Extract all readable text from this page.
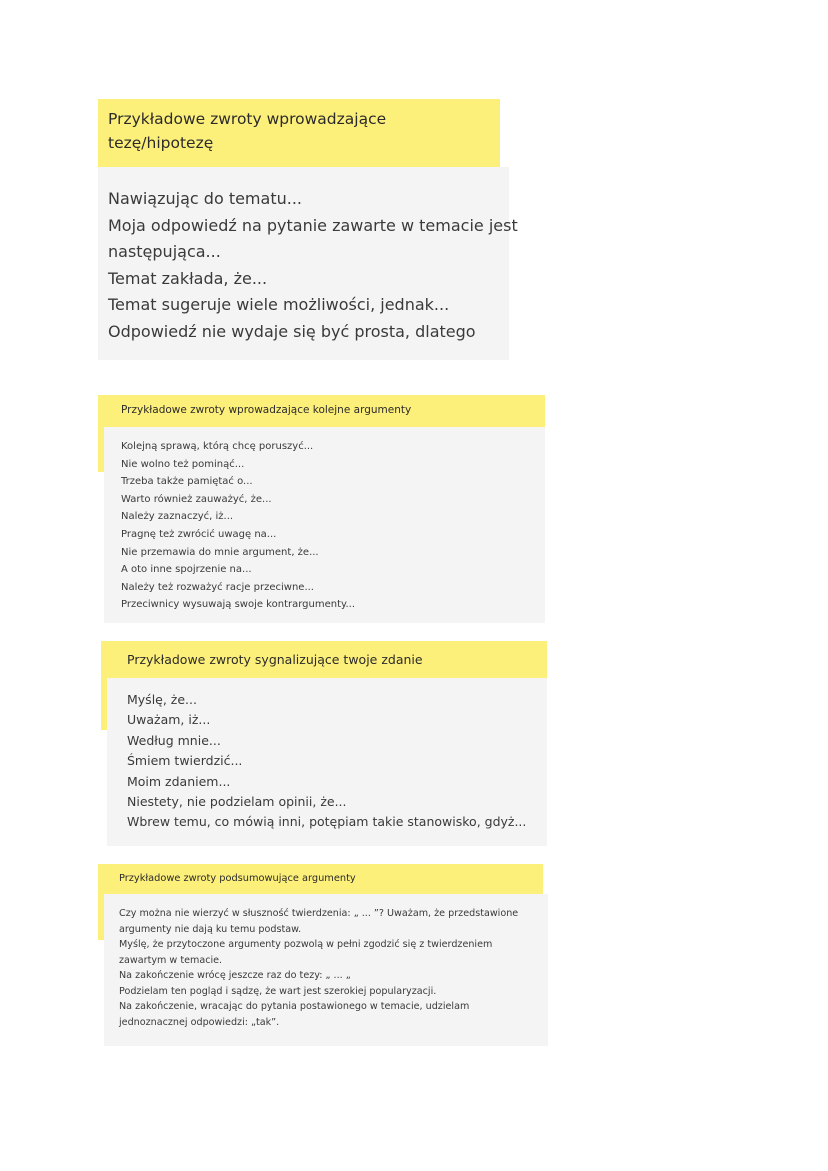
Przykładowe zwroty wprowadzające
tezę/hipotezę
Nawiązując do tematu...
Moja odpowiedź na pytanie zawarte w temacie jest
następująca...
Temat zakłada, że...
Temat sugeruje wiele możliwości, jednak...
Odpowiedź nie wydaje się być prosta, dlatego
Przykładowe zwroty wprowadzające kolejne argumenty
Kolejną sprawą, którą chcę poruszyć...
Nie wolno też pominąć...
Trzeba także pamiętać o...
Warto również zauważyć, że...
Należy zaznaczyć, iż...
Pragnę też zwrócić uwagę na...
Nie przemawia do mnie argument, że...
A oto inne spojrzenie na...
Należy też rozważyć racje przeciwne...
Przeciwnicy wysuwają swoje kontrargumenty...
Przykładowe zwroty sygnalizujące twoje zdanie
Myślę, że...
Uważam, iż...
Według mnie...
Śmiem twierdzić...
Moim zdaniem...
Niestety, nie podzielam opinii, że...
Wbrew temu, co mówią inni, potępiam takie stanowisko, gdyż...
Przykładowe zwroty podsumowujące argumenty
Czy można nie wierzyć w słuszność twierdzenia: „ ... ”? Uważam, że przedstawione argumenty nie dają ku temu podstaw.
Myślę, że przytoczone argumenty pozwolą w pełni zgodzić się z twierdzeniem zawartym w temacie.
Na zakończenie wrócę jeszcze raz do tezy: „ ... „
Podzielam ten pogląd i sądzę, że wart jest szerokiej popularyzacji.
Na zakończenie, wracając do pytania postawionego w temacie, udzielam jednoznacznej odpowiedzi: „tak”.
